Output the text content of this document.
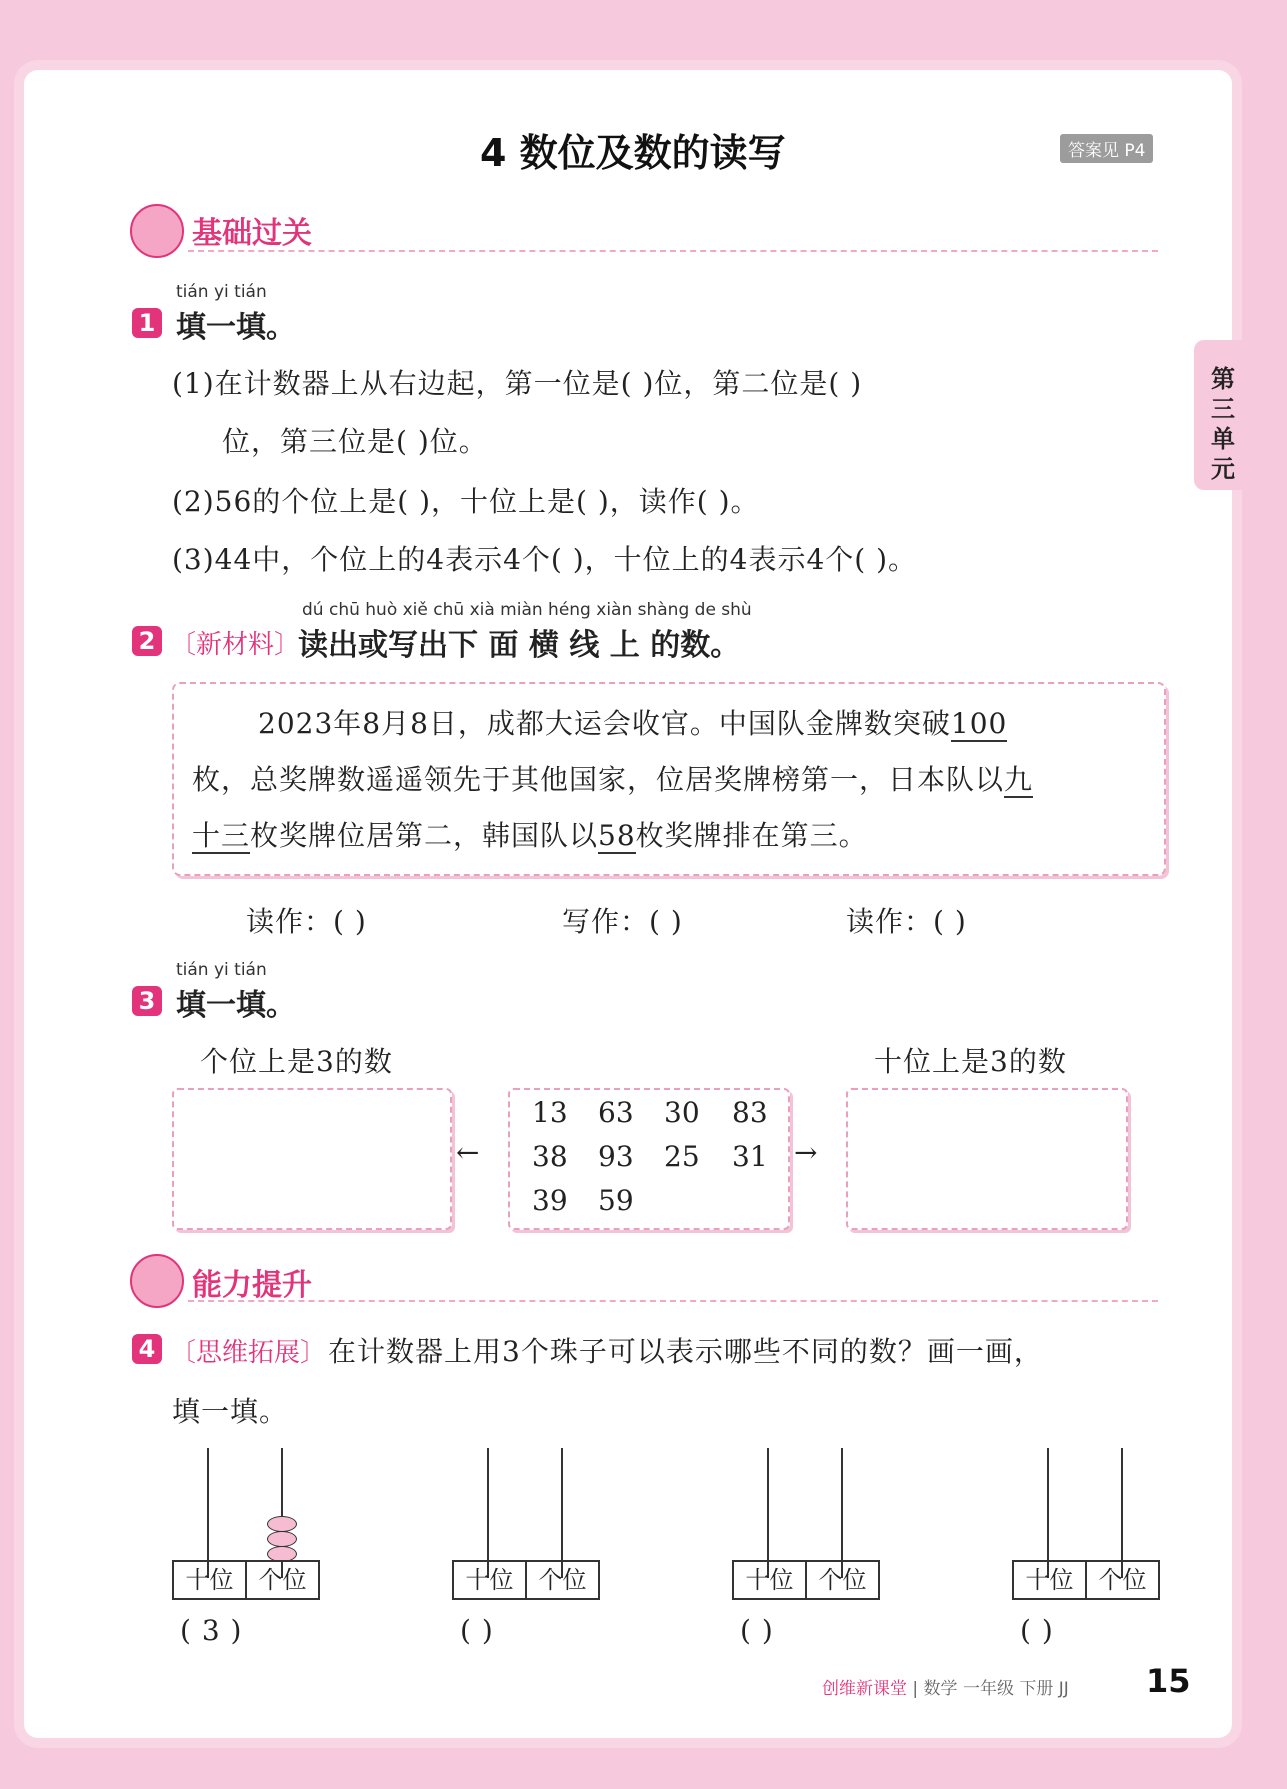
第三单元
4 数位及数的读写	答案见 P4
基础过关
tián yi tián
1 填一填。
(1)在计数器上从右边起，第一位是( )位，第二位是( )
位，第三位是( )位。
(2)56的个位上是( )，十位上是( )，读作( )。
(3)44中，个位上的4表示4个( )，十位上的4表示4个( )。
dú chū huò xiě chū xià miàn héng xiàn shàng de shù
2 〔新材料〕
读出或写出下 面 横 线 上 的数。
2023年8月8日，成都大运会收官。中国队金牌数突破100
枚，总奖牌数遥遥领先于其他国家，位居奖牌榜第一，日本队以九
十三枚奖牌位居第二，韩国队以58枚奖牌排在第三。
读作：( )	写作：( )	读作：( )
tián yi tián
3 填一填。
个位上是3的数	十位上是3的数
13 63 30 83
38 93 25 31
39 59
←	→
能力提升
4 〔思维拓展〕 在计数器上用3个珠子可以表示哪些不同的数？画一画，
填一填。
十位	个位
( 3 )
十位	个位
( )
十位	个位
( )
十位	个位
( )
创维新课堂 | 数学 一年级 下册 JJ 15
